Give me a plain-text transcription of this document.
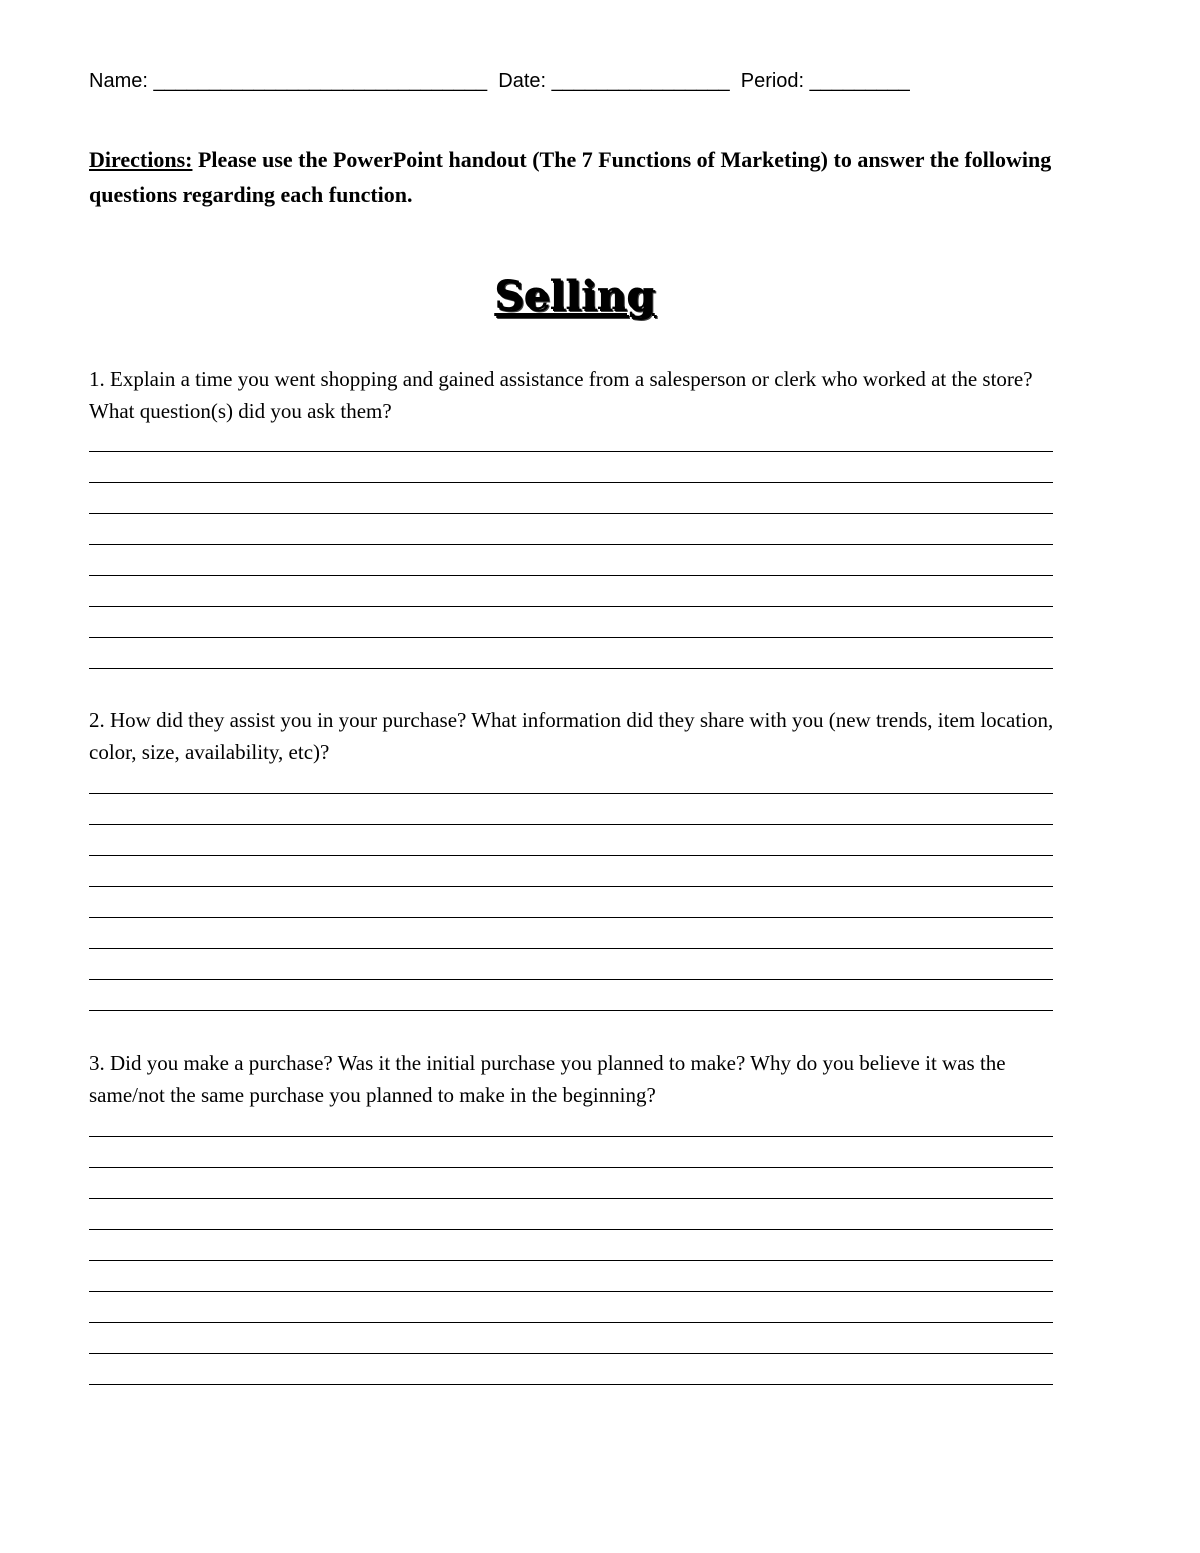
Name: ______________________________ Date: ________________ Period: _________
Directions: Please use the PowerPoint handout (The 7 Functions of Marketing) to answer the following questions regarding each function.
Selling
1. Explain a time you went shopping and gained assistance from a salesperson or clerk who worked at the store? What question(s) did you ask them?
2. How did they assist you in your purchase? What information did they share with you (new trends, item location, color, size, availability, etc)?
3. Did you make a purchase? Was it the initial purchase you planned to make? Why do you believe it was the same/not the same purchase you planned to make in the beginning?
